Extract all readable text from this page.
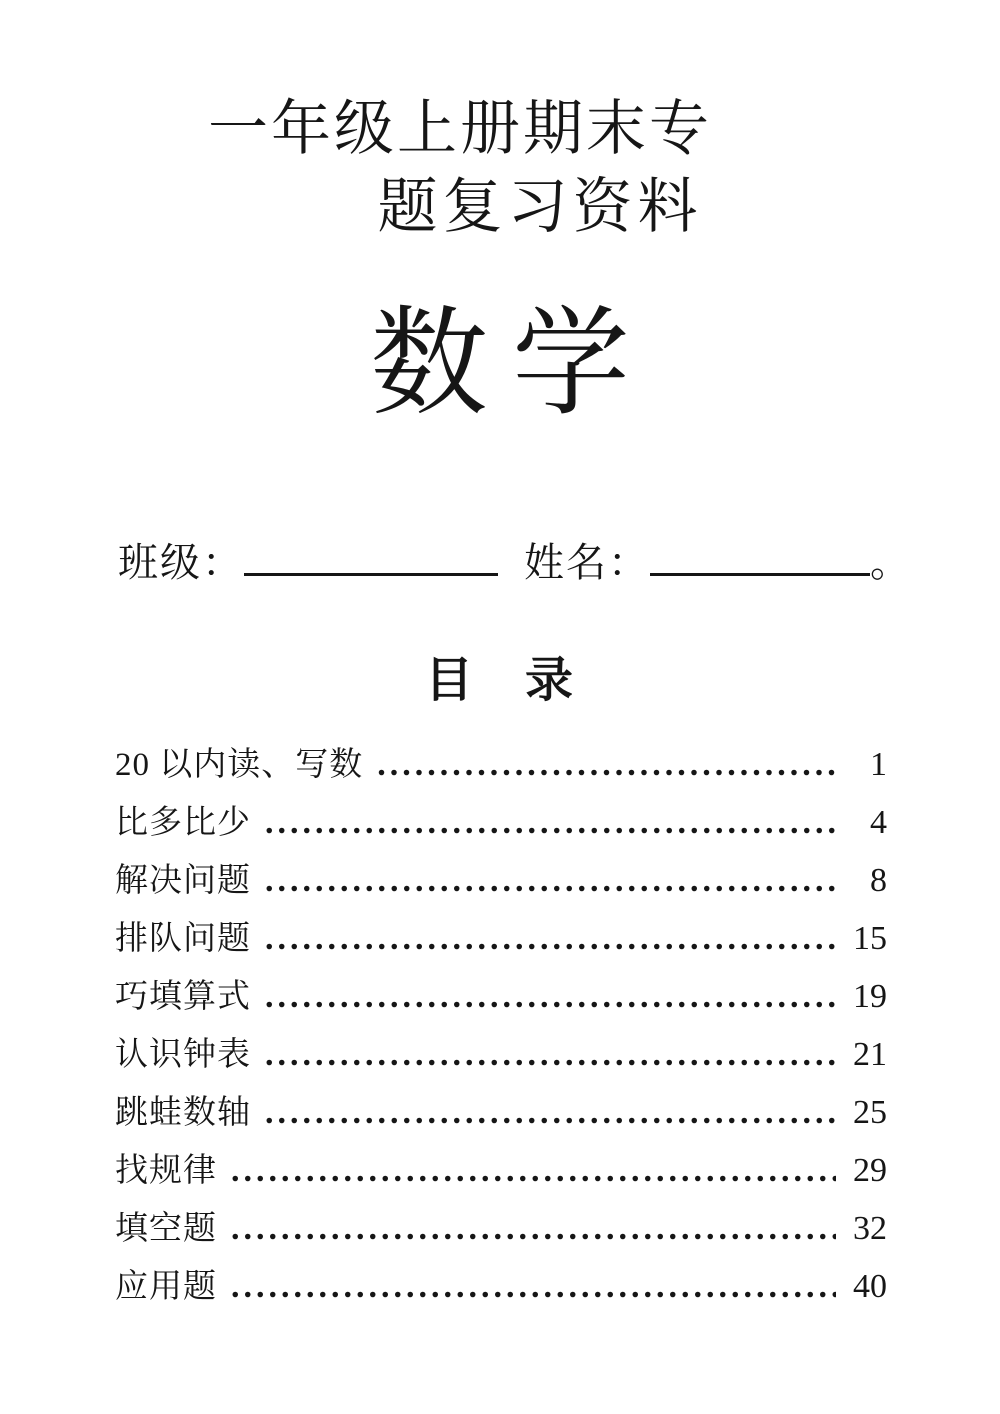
一年级上册期末专
题复习资料
数学
班级：	姓名：	。
目　录
20 以内读、写数 .....	1
比多比少 .....	4
解决问题 .....	8
排队问题 .....	15
巧填算式 .....	19
认识钟表 .....	21
跳蛙数轴 .....	25
找规律 .....	29
填空题 .....	32
应用题 .....	40
